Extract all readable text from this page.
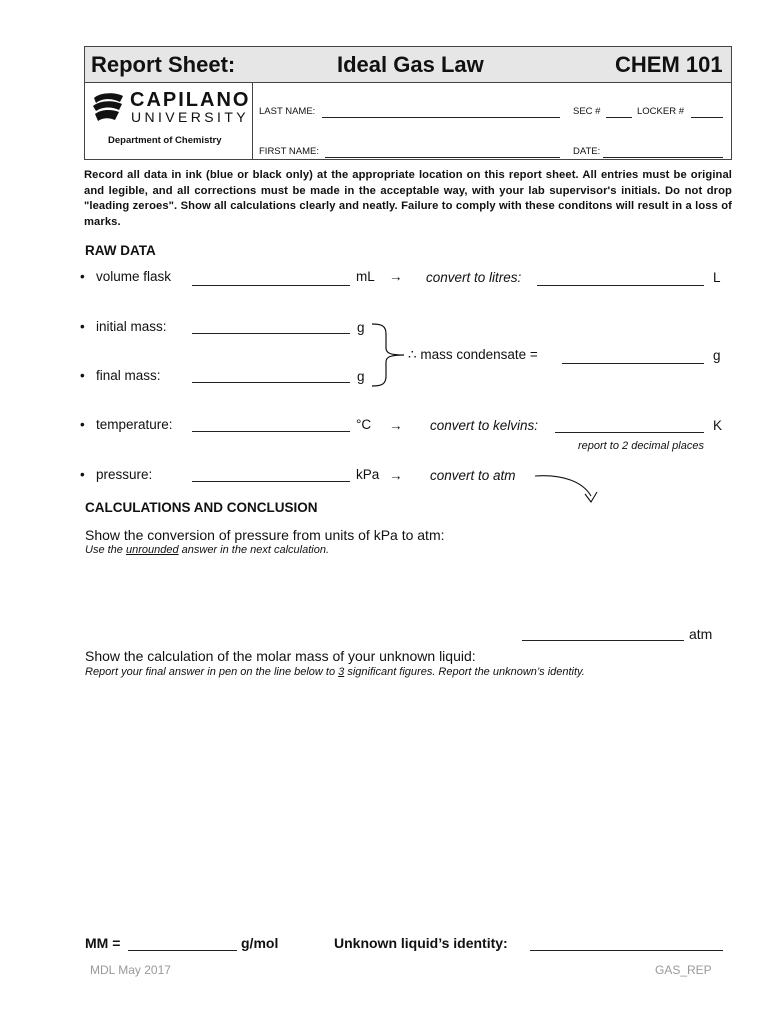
Report Sheet:	Ideal Gas Law	CHEM 101
CAPILANO
UNIVERSITY
Department of Chemistry
LAST NAME:	SEC #	LOCKER #
FIRST NAME:	DATE:
Record all data in ink (blue or black only) at the appropriate location on this report sheet. All entries must be original and legible, and all corrections must be made in the acceptable way, with your lab supervisor's initials. Do not drop "leading zeroes". Show all calculations clearly and neatly. Failure to comply with these conditons will result in a loss of marks.
RAW DATA
• volume flask	mL → convert to litres:	L
• initial mass:	g
∴ mass condensate =	g
• final mass:	g
• temperature:	°C → convert to kelvins:	K
report to 2 decimal places
• pressure:	kPa → convert to atm
CALCULATIONS AND CONCLUSION
Show the conversion of pressure from units of kPa to atm:
Use the unrounded answer in the next calculation.
atm
Show the calculation of the molar mass of your unknown liquid:
Report your final answer in pen on the line below to 3 significant figures. Report the unknown’s identity.
MM =	g/mol	Unknown liquid’s identity:
MDL May 2017	GAS_REP
